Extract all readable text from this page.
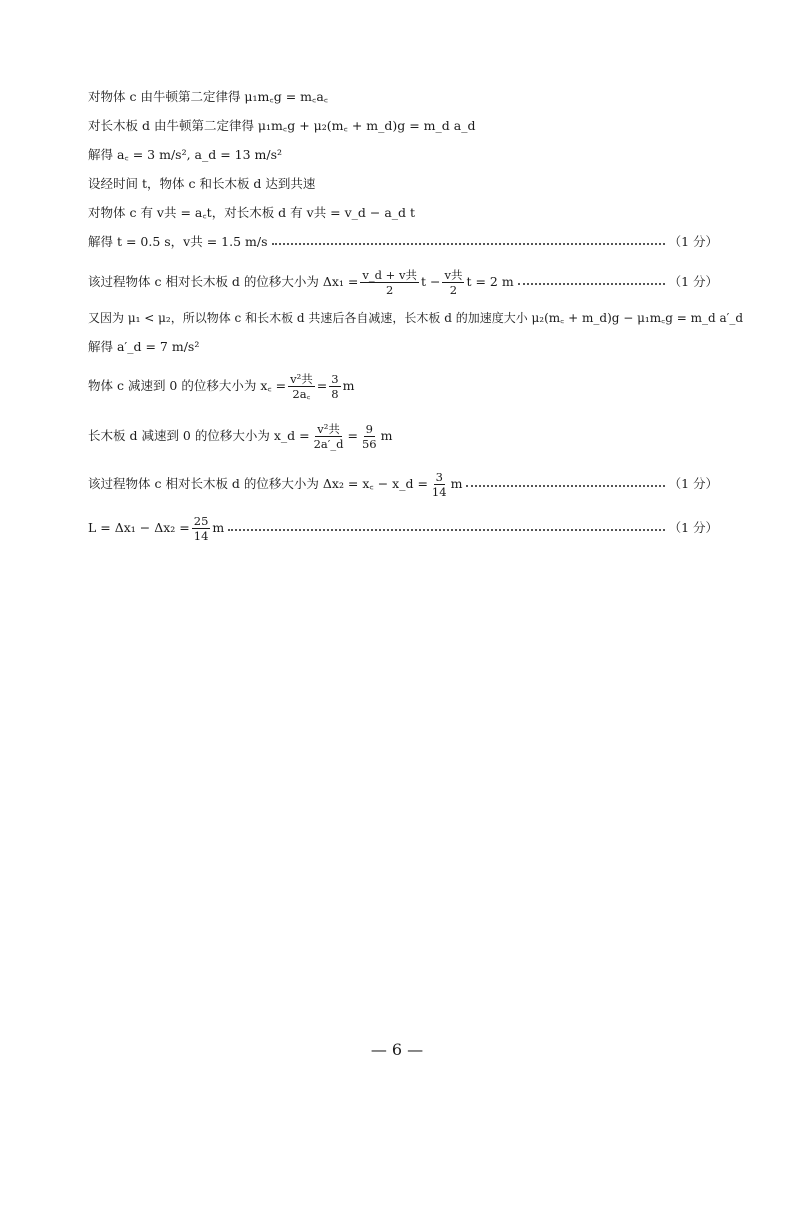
对物体 c 由牛顿第二定律得 μ₁m꜀g = m꜀a꜀
对长木板 d 由牛顿第二定律得 μ₁m꜀g + μ₂(m꜀ + m_d)g = m_d a_d
解得 a꜀ = 3 m/s², a_d = 13 m/s²
设经时间 t，物体 c 和长木板 d 达到共速
对物体 c 有 v共 = a꜀t，对长木板 d 有 v共 = v_d − a_d t
解得 t = 0.5 s，v共 = 1.5 m/s	（1 分）
该过程物体 c 相对长木板 d 的位移大小为 $\Delta x_1 = \frac{\text{v\_d + v共}}{2}$ $t - \frac{\text{v共}}{2}$ t = 2 m	（1 分）
又因为 μ₁ < μ₂，所以物体 c 和长木板 d 共速后各自减速，长木板 d 的加速度大小 μ₂(m꜀ + m_d)g − μ₁m꜀g = m_d a′_d
解得 a′_d = 7 m/s²
物体 c 减速到 0 的位移大小为 x꜀ = $\frac{\text{v²共}}{2a꜀} = \frac{3}{8}$ m
长木板 d 减速到 0 的位移大小为 x_d = $\frac{\text{v²共}}{2a'\_d} = \frac{9}{56}$ m
该过程物体 c 相对长木板 d 的位移大小为 Δx₂ = x꜀ − x_d = $\frac{3}{14}$ m	（1 分）
$L = \Delta x_1 - \Delta x_2 = \frac{25}{14}$ m	（1 分）
— 6 —
